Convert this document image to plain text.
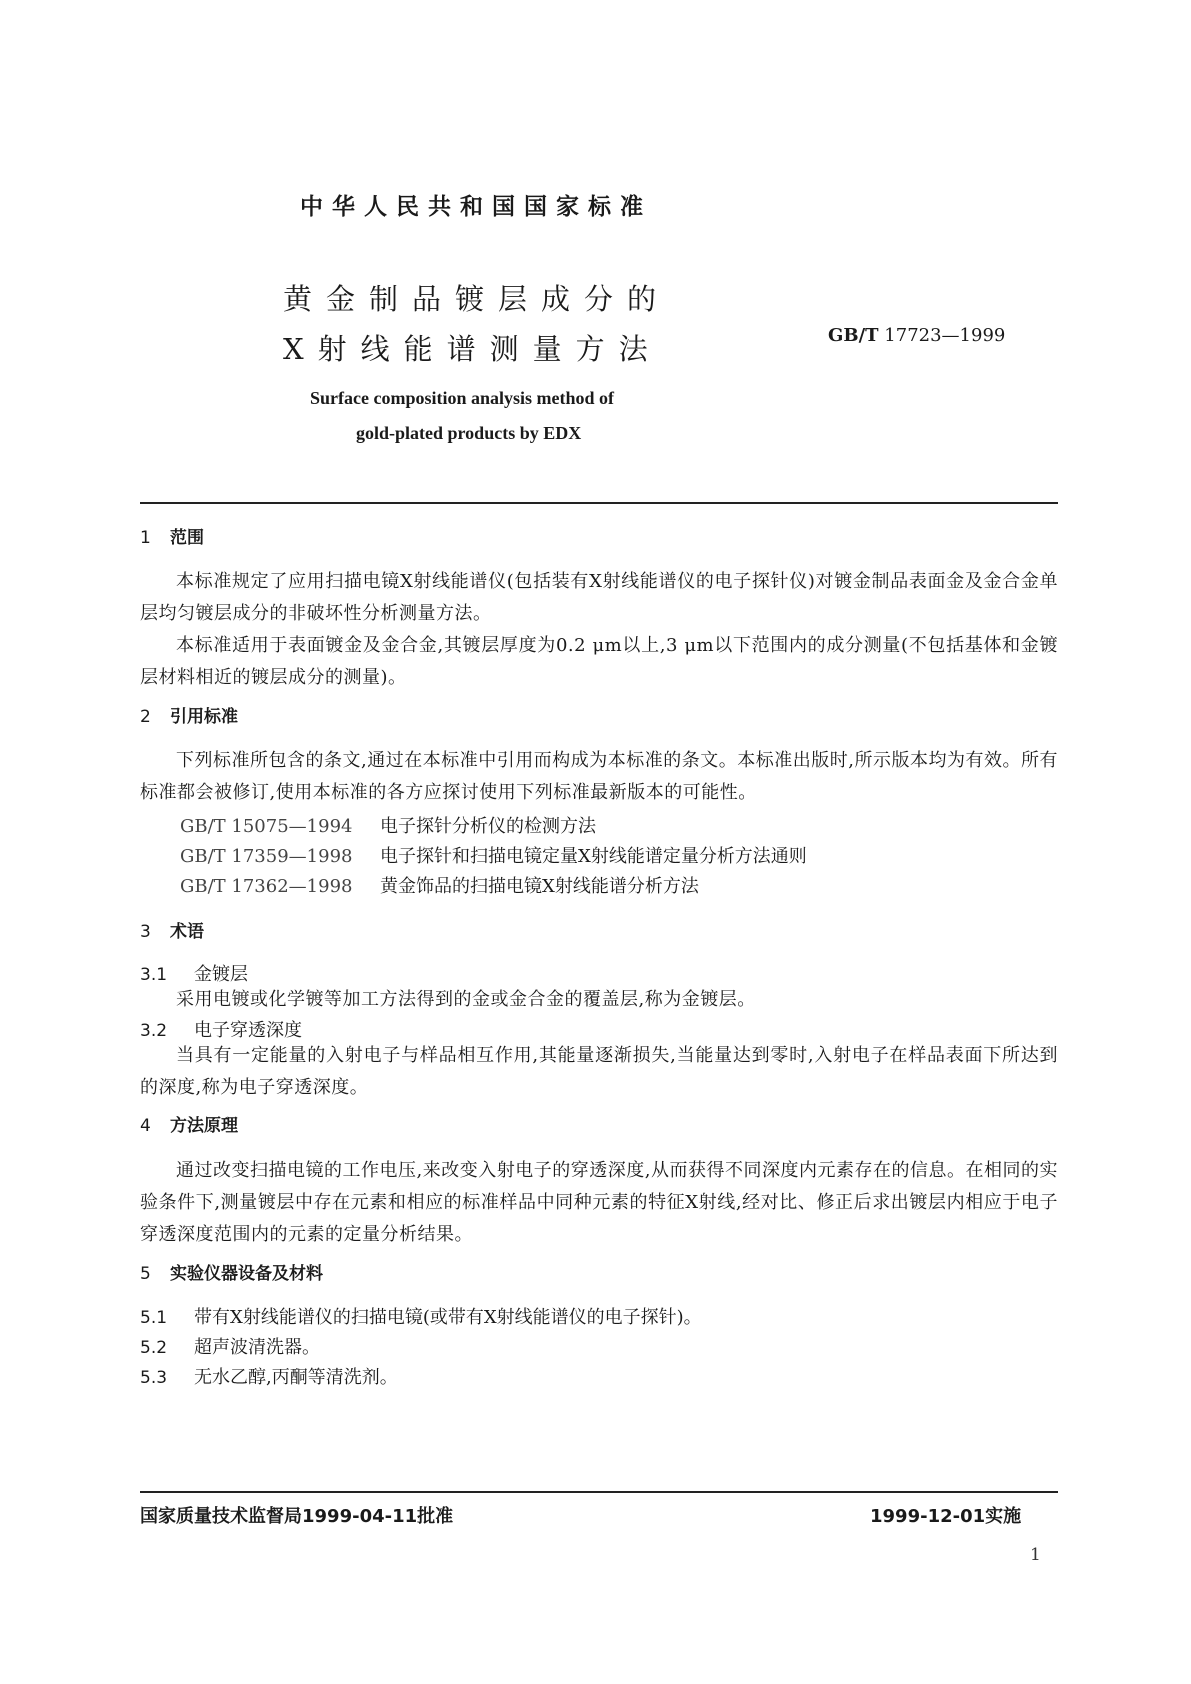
中华人民共和国国家标准
黄金制品镀层成分的
X射线能谱测量方法	GB/T 17723—1999
Surface composition analysis method of
gold-plated products by EDX
1 范围
本标准规定了应用扫描电镜X射线能谱仪(包括装有X射线能谱仪的电子探针仪)对镀金制品表面金及金合金单层均匀镀层成分的非破坏性分析测量方法。
本标准适用于表面镀金及金合金,其镀层厚度为0.2 μm以上,3 μm以下范围内的成分测量(不包括基体和金镀层材料相近的镀层成分的测量)。
2 引用标准
下列标准所包含的条文,通过在本标准中引用而构成为本标准的条文。本标准出版时,所示版本均为有效。所有标准都会被修订,使用本标准的各方应探讨使用下列标准最新版本的可能性。
GB/T 15075—1994 电子探针分析仪的检测方法
GB/T 17359—1998 电子探针和扫描电镜定量X射线能谱定量分析方法通则
GB/T 17362—1998 黄金饰品的扫描电镜X射线能谱分析方法
3 术语
3.1 金镀层
采用电镀或化学镀等加工方法得到的金或金合金的覆盖层,称为金镀层。
3.2 电子穿透深度
当具有一定能量的入射电子与样品相互作用,其能量逐渐损失,当能量达到零时,入射电子在样品表面下所达到的深度,称为电子穿透深度。
4 方法原理
通过改变扫描电镜的工作电压,来改变入射电子的穿透深度,从而获得不同深度内元素存在的信息。在相同的实验条件下,测量镀层中存在元素和相应的标准样品中同种元素的特征X射线,经对比、修正后求出镀层内相应于电子穿透深度范围内的元素的定量分析结果。
5 实验仪器设备及材料
5.1 带有X射线能谱仪的扫描电镜(或带有X射线能谱仪的电子探针)。
5.2 超声波清洗器。
5.3 无水乙醇,丙酮等清洗剂。
国家质量技术监督局1999-04-11批准	1999-12-01实施
1
